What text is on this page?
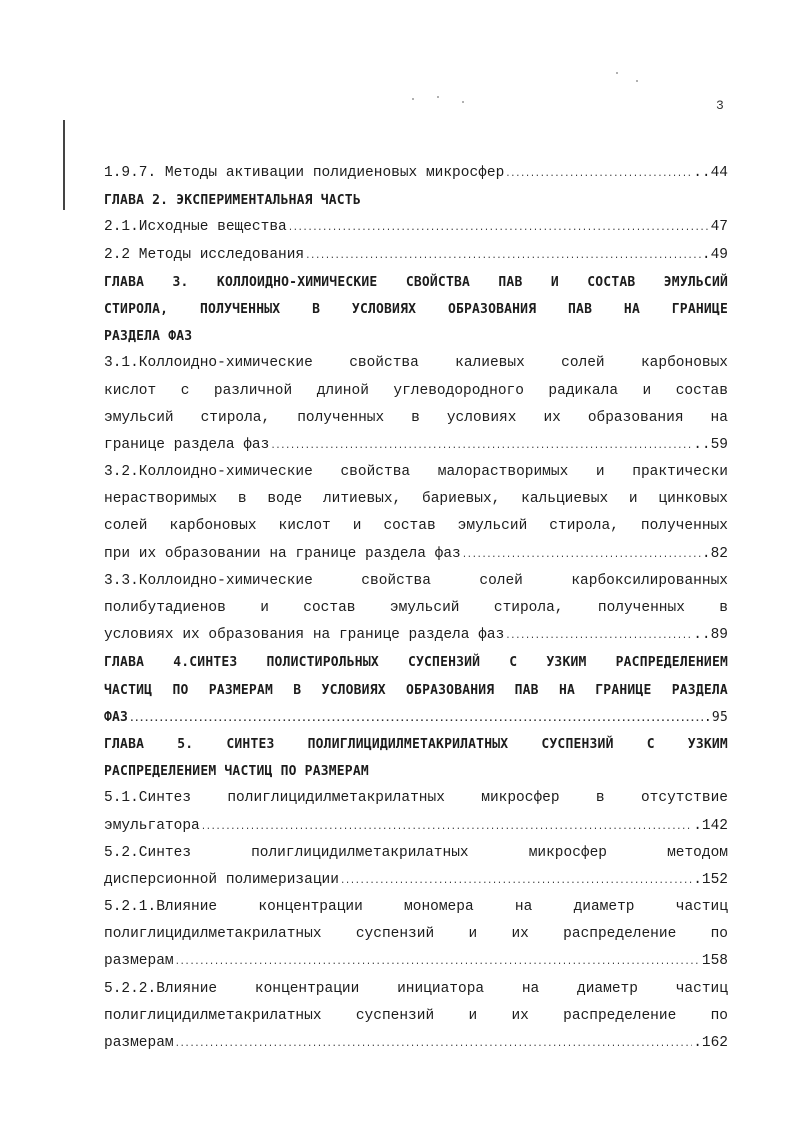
3
1.9.7. Методы активации полидиеновых микросфер .....	..44
ГЛАВА 2. ЭКСПЕРИМЕНТАЛЬНАЯ ЧАСТЬ
2.1.Исходные вещества .....	47
2.2 Методы исследования .....	.49
ГЛАВА 3. КОЛЛОИДНО-ХИМИЧЕСКИЕ СВОЙСТВА ПАВ И СОСТАВ ЭМУЛЬСИЙ
СТИРОЛА, ПОЛУЧЕННЫХ В УСЛОВИЯХ ОБРАЗОВАНИЯ ПАВ НА ГРАНИЦЕ
РАЗДЕЛА ФАЗ
3.1.Коллоидно-химические	свойства	калиевых	солей	карбоновых
кислот с различной длиной углеводородного радикала и состав
эмульсий стирола, полученных в условиях их образования на
границе раздела фаз .....	..59
3.2.Коллоидно-химические свойства малорастворимых и практически
нерастворимых в воде литиевых, бариевых, кальциевых и цинковых
солей карбоновых кислот и состав эмульсий стирола, полученных
при их образовании на границе раздела фаз .....	.82
3.3.Коллоидно-химические	свойства	солей	карбоксилированных
полибутадиенов и состав эмульсий стирола, полученных в
условиях их образования на границе раздела фаз .....	..89
ГЛАВА 4.СИНТЕЗ ПОЛИСТИРОЛЬНЫХ СУСПЕНЗИЙ С УЗКИМ РАСПРЕДЕЛЕНИЕМ
ЧАСТИЦ ПО РАЗМЕРАМ В УСЛОВИЯХ ОБРАЗОВАНИЯ ПАВ НА ГРАНИЦЕ РАЗДЕЛА
ФАЗ .....	.95
ГЛАВА	5.	СИНТЕЗ	ПОЛИГЛИЦИДИЛМЕТАКРИЛАТНЫХ	СУСПЕНЗИЙ	С	УЗКИМ
РАСПРЕДЕЛЕНИЕМ ЧАСТИЦ ПО РАЗМЕРАМ
5.1.Синтез	полиглицидилметакрилатных	микросфер	в	отсутствие
эмульгатора .....	.142
5.2.Синтез	полиглицидилметакрилатных	микросфер	методом
дисперсионной полимеризации .....	.152
5.2.1.Влияние	концентрации	мономера	на	диаметр	частиц
полиглицидилметакрилатных суспензий и их распределение по
размерам .....	158
5.2.2.Влияние	концентрации	инициатора	на	диаметр	частиц
полиглицидилметакрилатных суспензий и их распределение по
размерам .....	.162
